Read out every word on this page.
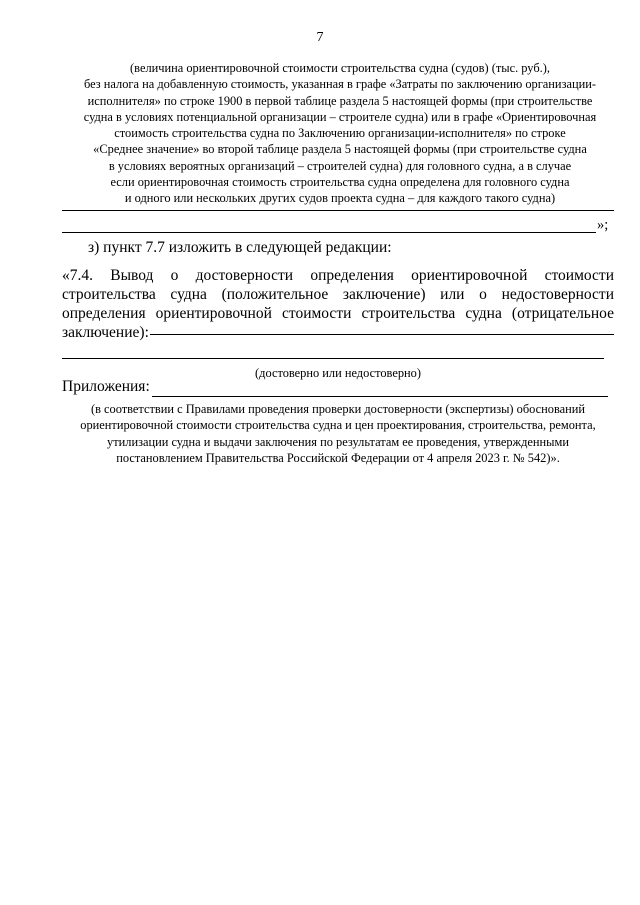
7
(величина ориентировочной стоимости строительства судна (судов) (тыс. руб.),
без налога на добавленную стоимость, указанная в графе «Затраты по заключению организации-
исполнителя» по строке 1900 в первой таблице раздела 5 настоящей формы (при строительстве
судна в условиях потенциальной организации – строителе судна) или в графе «Ориентировочная
стоимость строительства судна по Заключению организации-исполнителя» по строке
«Среднее значение» во второй таблице раздела 5 настоящей формы (при строительстве судна
в условиях вероятных организаций – строителей судна) для головного судна, а в случае
если ориентировочная стоимость строительства судна определена для головного судна
и одного или нескольких других судов проекта судна – для каждого такого судна)
»;
з) пункт 7.7 изложить в следующей редакции:
«7.4. Вывод о достоверности определения ориентировочной стоимости
строительства судна (положительное заключение) или о недостоверности
определения ориентировочной стоимости строительства судна (отрицательное
заключение):
(достоверно или недостоверно)
Приложения:
(в соответствии с Правилами проведения проверки достоверности (экспертизы) обоснований
ориентировочной стоимости строительства судна и цен проектирования, строительства, ремонта,
утилизации судна и выдачи заключения по результатам ее проведения, утвержденными
постановлением Правительства Российской Федерации от 4 апреля 2023 г. № 542)».
